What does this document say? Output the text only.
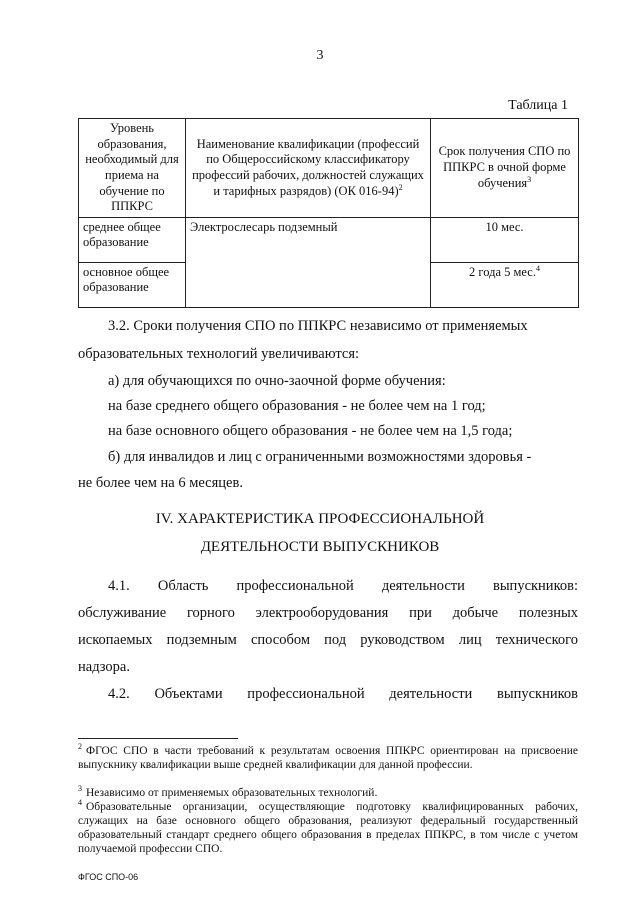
3
Таблица 1
Уровень образования, необходимый для приема на обучение по ППКРС	Наименование квалификации (профессий по Общероссийскому классификатору профессий рабочих, должностей служащих и тарифных разрядов) (ОК 016-94)$^2$	Срок получения СПО по ППКРС в очной форме обучения$^3$
среднее общее образование	Электрослесарь подземный	10 мес.
основное общее образование		2 года 5 мес.$^4$
3.2. Сроки получения СПО по ППКРС независимо от применяемых
образовательных технологий увеличиваются:
а) для обучающихся по очно-заочной форме обучения:
на базе среднего общего образования - не более чем на 1 год;
на базе основного общего образования - не более чем на 1,5 года;
б) для инвалидов и лиц с ограниченными возможностями здоровья -
не более чем на 6 месяцев.
IV. ХАРАКТЕРИСТИКА ПРОФЕССИОНАЛЬНОЙ
ДЕЯТЕЛЬНОСТИ ВЫПУСКНИКОВ
4.1. Область профессиональной деятельности выпускников:
обслуживание горного электрооборудования при добыче полезных
ископаемых подземным способом под руководством лиц технического
надзора.
4.2. Объектами профессиональной деятельности выпускников
$^2$ ФГОС СПО в части требований к результатам освоения ППКРС ориентирован на присвоение выпускнику квалификации выше средней квалификации для данной профессии.
$^3$ Независимо от применяемых образовательных технологий.
$^4$ Образовательные организации, осуществляющие подготовку квалифицированных рабочих, служащих на базе основного общего образования, реализуют федеральный государственный образовательный стандарт среднего общего образования в пределах ППКРС, в том числе с учетом получаемой профессии СПО.
ФГОС СПО-06
